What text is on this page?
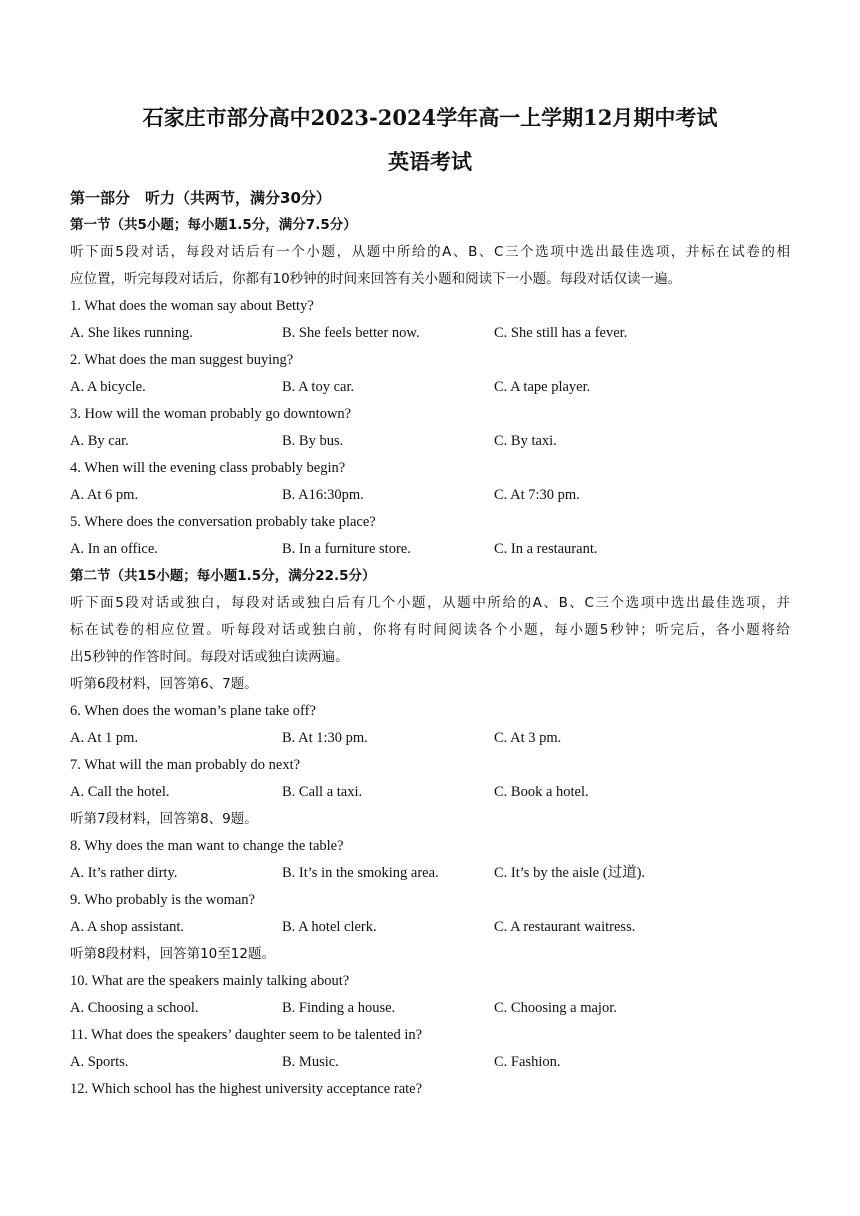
石家庄市部分高中2023-2024学年高一上学期12月期中考试
英语考试
第一部分　听力（共两节，满分30分）
第一节（共5小题；每小题1.5分，满分7.5分）
听下面5段对话，每段对话后有一个小题，从题中所给的A、B、C三个选项中选出最佳选项，并标在试卷的相
应位置，听完每段对话后，你都有10秒钟的时间来回答有关小题和阅读下一小题。每段对话仅读一遍。
1. What does the woman say about Betty?
A. She likes running.	B. She feels better now.	C. She still has a fever.
2. What does the man suggest buying?
A. A bicycle.	B. A toy car.	C. A tape player.
3. How will the woman probably go downtown?
A. By car.	B. By bus.	C. By taxi.
4. When will the evening class probably begin?
A. At 6 pm.	B. A16:30pm.	C. At 7:30 pm.
5. Where does the conversation probably take place?
A. In an office.	B. In a furniture store.	C. In a restaurant.
第二节（共15小题；每小题1.5分，满分22.5分）
听下面5段对话或独白，每段对话或独白后有几个小题，从题中所给的A、B、C三个选项中选出最佳选项，并
标在试卷的相应位置。听每段对话或独白前，你将有时间阅读各个小题，每小题5秒钟；听完后，各小题将给
出5秒钟的作答时间。每段对话或独白读两遍。
听第6段材料，回答第6、7题。
6. When does the woman’s plane take off?
A. At 1 pm.	B. At 1:30 pm.	C. At 3 pm.
7. What will the man probably do next?
A. Call the hotel.	B. Call a taxi.	C. Book a hotel.
听第7段材料，回答第8、9题。
8. Why does the man want to change the table?
A. It’s rather dirty.	B. It’s in the smoking area.	C. It’s by the aisle (过道).
9. Who probably is the woman?
A. A shop assistant.	B. A hotel clerk.	C. A restaurant waitress.
听第8段材料，回答第10至12题。
10. What are the speakers mainly talking about?
A. Choosing a school.	B. Finding a house.	C. Choosing a major.
11. What does the speakers’ daughter seem to be talented in?
A. Sports.	B. Music.	C. Fashion.
12. Which school has the highest university acceptance rate?
